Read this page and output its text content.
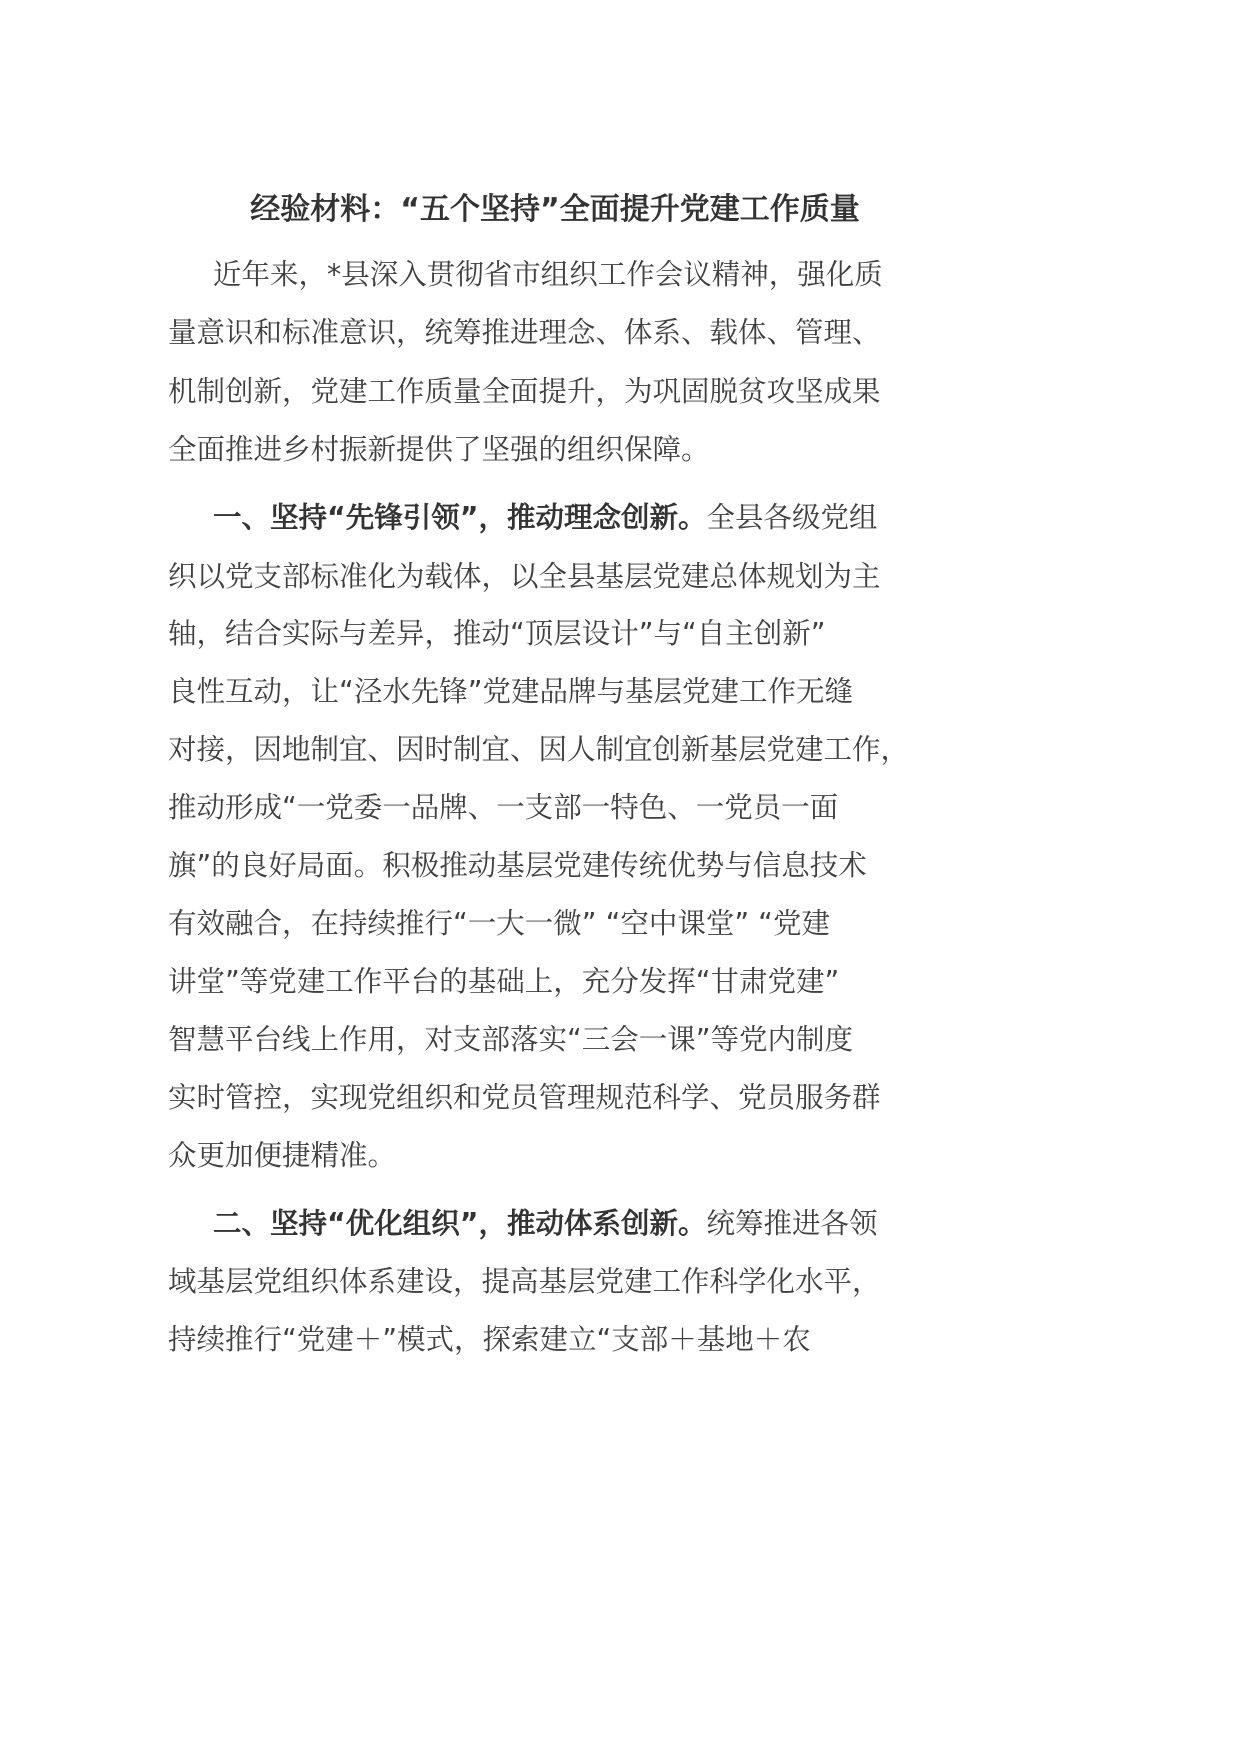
经验材料：“五个坚持”全面提升党建工作质量
近年来，*县深入贯彻省市组织工作会议精神，强化质
量意识和标准意识，统筹推进理念、体系、载体、管理、
机制创新，党建工作质量全面提升，为巩固脱贫攻坚成果
全面推进乡村振新提供了坚强的组织保障。
一、坚持“先锋引领”，推动理念创新。全县各级党组
织以党支部标准化为载体，以全县基层党建总体规划为主
轴，结合实际与差异，推动“顶层设计”与“自主创新”
良性互动，让“泾水先锋”党建品牌与基层党建工作无缝
对接，因地制宜、因时制宜、因人制宜创新基层党建工作，
推动形成“一党委一品牌、一支部一特色、一党员一面
旗”的良好局面。积极推动基层党建传统优势与信息技术
有效融合，在持续推行“一大一微” “空中课堂” “党建
讲堂”等党建工作平台的基础上，充分发挥“甘肃党建”
智慧平台线上作用，对支部落实“三会一课”等党内制度
实时管控，实现党组织和党员管理规范科学、党员服务群
众更加便捷精准。
二、坚持“优化组织”，推动体系创新。统筹推进各领
域基层党组织体系建设，提高基层党建工作科学化水平，
持续推行“党建＋”模式，探索建立“支部＋基地＋农
